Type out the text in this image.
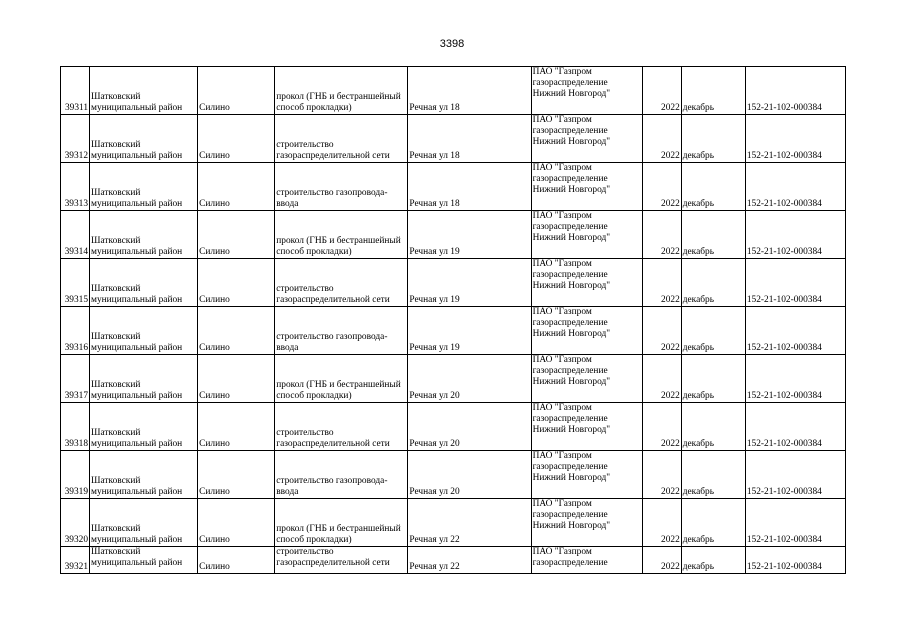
3398
39311	Шатковский муниципальный район	Силино	прокол (ГНБ и бестраншейный способ прокладки)	Речная ул 18	ПАО "Газпром газораспределение Нижний Новгород"	2022	декабрь	152-21-102-000384
39312	Шатковский муниципальный район	Силино	строительство газораспределительной сети	Речная ул 18	ПАО "Газпром газораспределение Нижний Новгород"	2022	декабрь	152-21-102-000384
39313	Шатковский муниципальный район	Силино	строительство газопровода-ввода	Речная ул 18	ПАО "Газпром газораспределение Нижний Новгород"	2022	декабрь	152-21-102-000384
39314	Шатковский муниципальный район	Силино	прокол (ГНБ и бестраншейный способ прокладки)	Речная ул 19	ПАО "Газпром газораспределение Нижний Новгород"	2022	декабрь	152-21-102-000384
39315	Шатковский муниципальный район	Силино	строительство газораспределительной сети	Речная ул 19	ПАО "Газпром газораспределение Нижний Новгород"	2022	декабрь	152-21-102-000384
39316	Шатковский муниципальный район	Силино	строительство газопровода-ввода	Речная ул 19	ПАО "Газпром газораспределение Нижний Новгород"	2022	декабрь	152-21-102-000384
39317	Шатковский муниципальный район	Силино	прокол (ГНБ и бестраншейный способ прокладки)	Речная ул 20	ПАО "Газпром газораспределение Нижний Новгород"	2022	декабрь	152-21-102-000384
39318	Шатковский муниципальный район	Силино	строительство газораспределительной сети	Речная ул 20	ПАО "Газпром газораспределение Нижний Новгород"	2022	декабрь	152-21-102-000384
39319	Шатковский муниципальный район	Силино	строительство газопровода-ввода	Речная ул 20	ПАО "Газпром газораспределение Нижний Новгород"	2022	декабрь	152-21-102-000384
39320	Шатковский муниципальный район	Силино	прокол (ГНБ и бестраншейный способ прокладки)	Речная ул 22	ПАО "Газпром газораспределение Нижний Новгород"	2022	декабрь	152-21-102-000384
39321	Шатковский муниципальный район	Силино	строительство газораспределительной сети	Речная ул 22	ПАО "Газпром газораспределение	2022	декабрь	152-21-102-000384
